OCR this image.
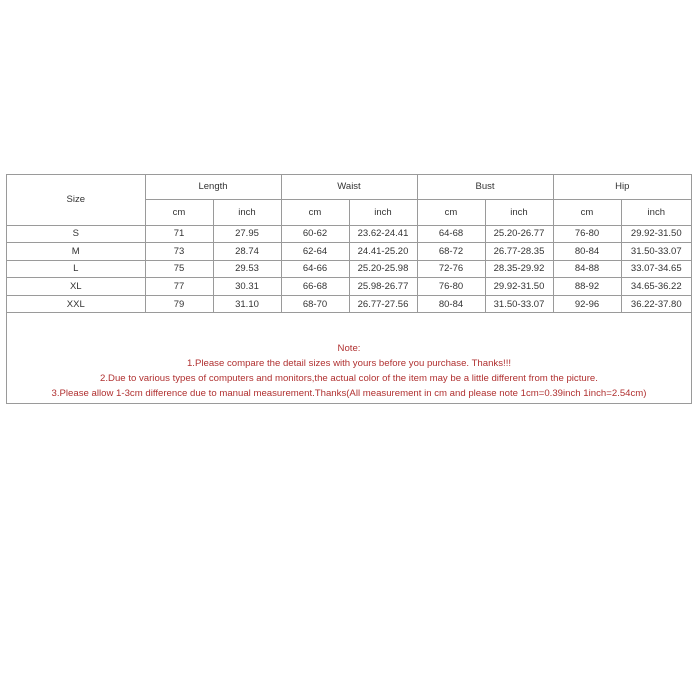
Size	Length		Waist		Bust		Hip	
	cm	inch	cm	inch	cm	inch	cm	inch
S	71	27.95	60-62	23.62-24.41	64-68	25.20-26.77	76-80	29.92-31.50
M	73	28.74	62-64	24.41-25.20	68-72	26.77-28.35	80-84	31.50-33.07
L	75	29.53	64-66	25.20-25.98	72-76	28.35-29.92	84-88	33.07-34.65
XL	77	30.31	66-68	25.98-26.77	76-80	29.92-31.50	88-92	34.65-36.22
XXL	79	31.10	68-70	26.77-27.56	80-84	31.50-33.07	92-96	36.22-37.80
Note:
1.Please compare the detail sizes with yours before you purchase. Thanks!!!
2.Due to various types of computers and monitors,the actual color of the item may be a little different from the picture.
3.Please allow 1-3cm difference due to manual measurement.Thanks(All measurement in cm and please note 1cm=0.39inch 1inch=2.54cm)
